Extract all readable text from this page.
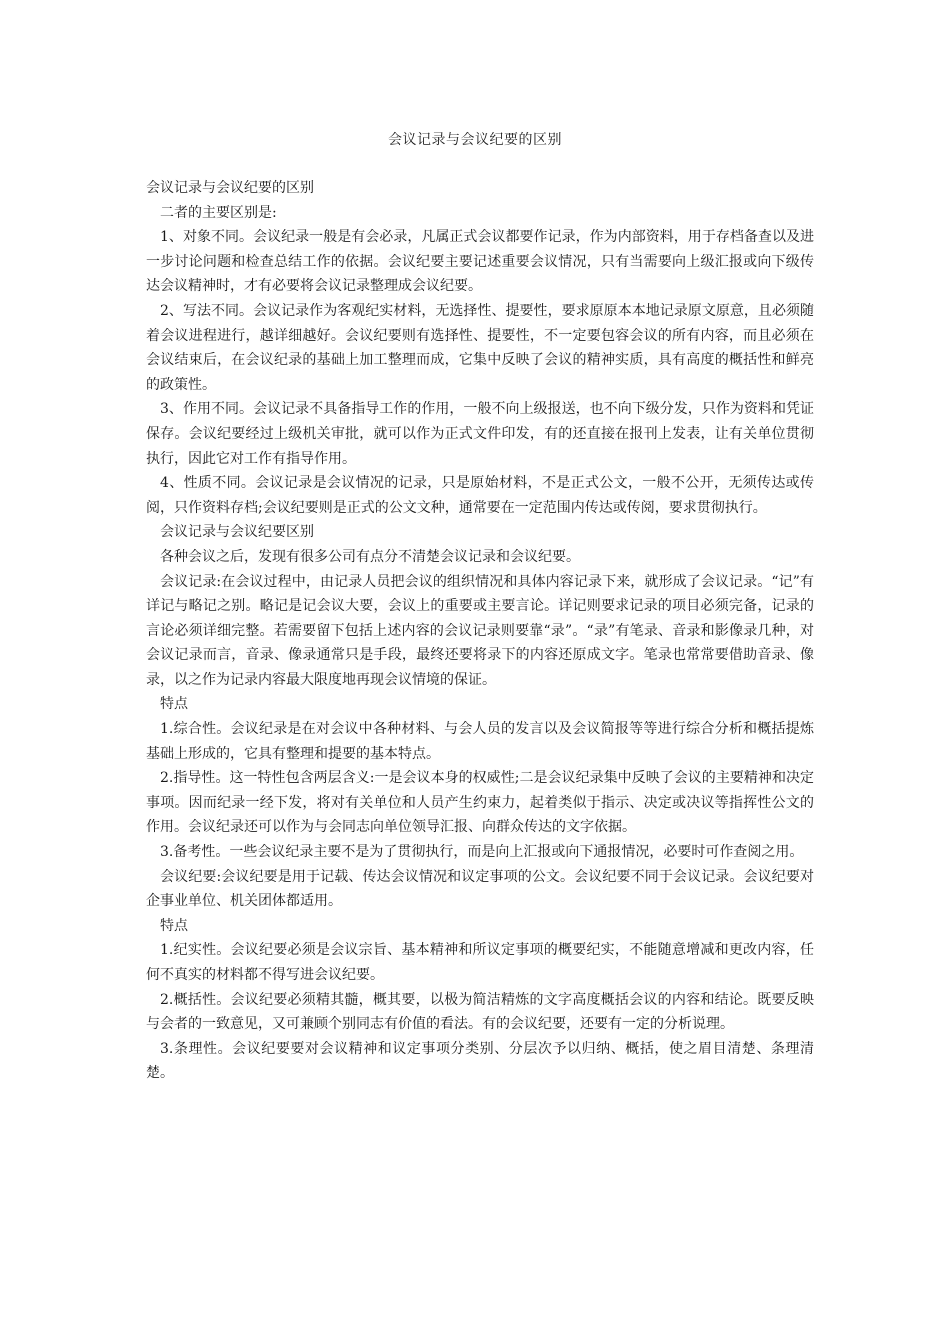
会议记录与会议纪要的区别

会议记录与会议纪要的区别

二者的主要区别是:

1、对象不同。会议纪录一般是有会必录，凡属正式会议都要作记录，作为内部资料，用于存档备查以及进一步讨论问题和检查总结工作的依据。会议纪要主要记述重要会议情况，只有当需要向上级汇报或向下级传达会议精神时，才有必要将会议记录整理成会议纪要。

2、写法不同。会议记录作为客观纪实材料，无选择性、提要性，要求原原本本地记录原文原意，且必须随着会议进程进行，越详细越好。会议纪要则有选择性、提要性，不一定要包容会议的所有内容，而且必须在会议结束后，在会议纪录的基础上加工整理而成，它集中反映了会议的精神实质，具有高度的概括性和鲜亮的政策性。

3、作用不同。会议记录不具备指导工作的作用，一般不向上级报送，也不向下级分发，只作为资料和凭证保存。会议纪要经过上级机关审批，就可以作为正式文件印发，有的还直接在报刊上发表，让有关单位贯彻执行，因此它对工作有指导作用。

4、性质不同。会议记录是会议情况的记录，只是原始材料，不是正式公文，一般不公开，无须传达或传阅，只作资料存档;会议纪要则是正式的公文文种，通常要在一定范围内传达或传阅，要求贯彻执行。

会议记录与会议纪要区别

各种会议之后，发现有很多公司有点分不清楚会议记录和会议纪要。

会议记录:在会议过程中，由记录人员把会议的组织情况和具体内容记录下来，就形成了会议记录。“记”有详记与略记之别。略记是记会议大要，会议上的重要或主要言论。详记则要求记录的项目必须完备，记录的言论必须详细完整。若需要留下包括上述内容的会议记录则要靠“录”。“录”有笔录、音录和影像录几种，对会议记录而言，音录、像录通常只是手段，最终还要将录下的内容还原成文字。笔录也常常要借助音录、像录，以之作为记录内容最大限度地再现会议情境的保证。

特点

1.综合性。会议纪录是在对会议中各种材料、与会人员的发言以及会议简报等等进行综合分析和概括提炼基础上形成的，它具有整理和提要的基本特点。

2.指导性。这一特性包含两层含义:一是会议本身的权威性;二是会议纪录集中反映了会议的主要精神和决定事项。因而纪录一经下发，将对有关单位和人员产生约束力，起着类似于指示、决定或决议等指挥性公文的作用。会议纪录还可以作为与会同志向单位领导汇报、向群众传达的文字依据。

3.备考性。一些会议纪录主要不是为了贯彻执行，而是向上汇报或向下通报情况，必要时可作查阅之用。

会议纪要:会议纪要是用于记载、传达会议情况和议定事项的公文。会议纪要不同于会议记录。会议纪要对企事业单位、机关团体都适用。

特点

1.纪实性。会议纪要必须是会议宗旨、基本精神和所议定事项的概要纪实，不能随意增减和更改内容，任何不真实的材料都不得写进会议纪要。

2.概括性。会议纪要必须精其髓，概其要，以极为简洁精炼的文字高度概括会议的内容和结论。既要反映与会者的一致意见，又可兼顾个别同志有价值的看法。有的会议纪要，还要有一定的分析说理。

3.条理性。会议纪要要对会议精神和议定事项分类别、分层次予以归纳、概括，使之眉目清楚、条理清楚。
